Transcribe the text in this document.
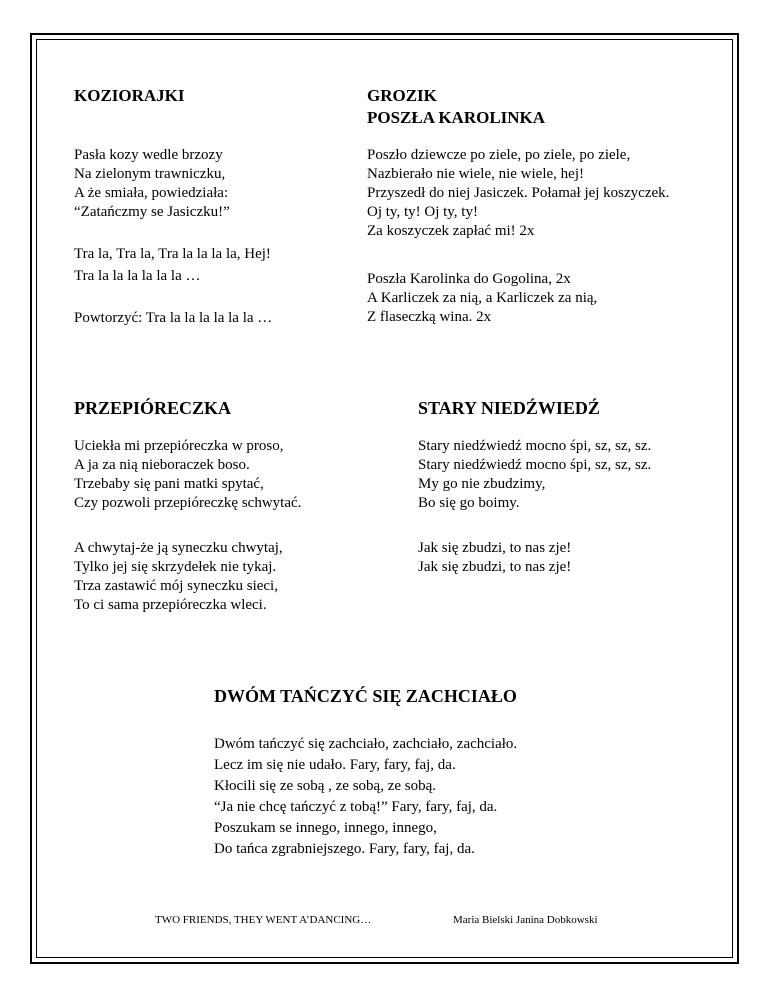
KOZIORAJKI
Pasła kozy wedle brzozy
Na zielonym trawniczku,
A że smiała, powiedziała:
“Zatańczmy se Jasiczku!”
Tra la, Tra la, Tra la la la la, Hej!
Tra la la la la la la …
Powtorzyć: Tra la la la la la la …
GROZIK
POSZŁA KAROLINKA
Poszło dziewcze po ziele, po ziele, po ziele,
Nazbierało nie wiele, nie wiele, hej!
Przyszedł do niej Jasiczek. Połamał jej koszyczek.
Oj ty, ty! Oj ty, ty!
Za koszyczek zapłać mi! 2x
Poszła Karolinka do Gogolina, 2x
A Karliczek za nią, a Karliczek za nią,
Z flaseczką wina. 2x
PRZEPIÓRECZKA
Uciekła mi przepióreczka w proso,
A ja za nią nieboraczek boso.
Trzebaby się pani matki spytać,
Czy pozwoli przepióreczkę schwytać.
A chwytaj-że ją syneczku chwytaj,
Tylko jej się skrzydełek nie tykaj.
Trza zastawić mój syneczku sieci,
To ci sama przepióreczka wleci.
STARY NIEDŹWIEDŹ
Stary niedźwiedź mocno śpi, sz, sz, sz.
Stary niedźwiedź mocno śpi, sz, sz, sz.
My go nie zbudzimy,
Bo się go boimy.
Jak się zbudzi, to nas zje!
Jak się zbudzi, to nas zje!
DWÓM TAŃCZYĆ SIĘ ZACHCIAŁO
Dwóm tańczyć się zachciało, zachciało, zachciało.
Lecz im się nie udało. Fary, fary, faj, da.
Kłocili się ze sobą , ze sobą, ze sobą.
“Ja nie chcę tańczyć z tobą!” Fary, fary, faj, da.
Poszukam se innego, innego, innego,
Do tańca zgrabniejszego. Fary, fary, faj, da.
TWO FRIENDS, THEY WENT A’DANCING…	Maria Bielski Janina Dobkowski
